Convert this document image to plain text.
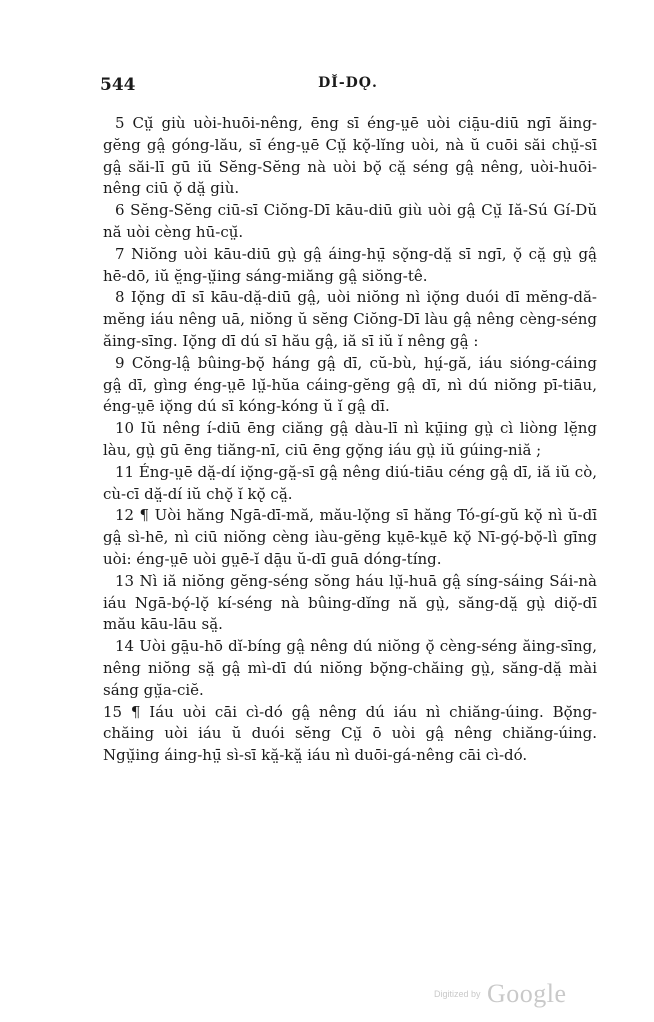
544	DĬ-DǪ.

5 Cṳ̆ giù uòi-huōi-nêng, ēng sī éng-ṳē uòi ciā̤u-diū ngī ăing-gĕng gâ̤ góng-lău, sī éng-ṳē Cṳ̆ kǫ̆-lĭng uòi, nà ŭ cuōi săi chṳ̆-sī gâ̤ săi-lī gū iŭ Sĕng-Sĕng nà uòi bǫ̆ că̤ séng gâ̤ nêng, uòi-huōi-nêng ciū ǫ̆ dă̤ giù.

6 Sĕng-Sĕng ciū-sī Ciŏng-Dī kāu-diū giù uòi gâ̤ Cṳ̆ Iă-Sú Gí-Dŭ nă uòi cèng hū-cṳ̆.

7 Niŏng uòi kāu-diū gṳ̀ gâ̤ áing-hṳ̄ sǫ̆ng-dă̤ sī ngī, ǫ̆ că̤ gṳ̀ gâ̤ hē-dō, iŭ ĕ̤ng-ṳ̆ing sáng-miăng gâ̤ siŏng-tê.

8 Iǫ̆ng dī sī kāu-dă̤-diū gâ̤, uòi niŏng nì iǫ̆ng duói dī mĕng-dă-mĕng iáu nêng uā, niŏng ŭ sĕng Ciŏng-Dī làu gâ̤ nêng cèng-séng ăing-sīng. Iǫ̆ng dī dú sī hău gâ̤, iă sī iŭ ĭ nêng gâ̤ :

9 Cŏng-lâ̤ bûing-bǫ̆ háng gâ̤ dī, cŭ-bù, hṳ́-gă, iáu sióng-cáing gâ̤ dī, gìng éng-ṳē lṳ̆-hŭa cáing-gĕng gâ̤ dī, nì dú niŏng pī-tiāu, éng-ṳē iǫ̆ng dú sī kóng-kóng ŭ ĭ gâ̤ dī.

10 Iŭ nêng í-diū ēng ciăng gâ̤ dàu-lī nì kṳ̄ing gṳ̀ cì liòng lĕ̤ng làu, gṳ̀ gū ēng tiăng-nī, ciū ēng gǫ̆ng iáu gṳ̀ iŭ gúing-niă ;

11 Éng-ṳē dă̤-dí iǫ̆ng-gă̤-sī gâ̤ nêng diú-tiāu céng gâ̤ dī, iă iŭ cò, cù-cī dă̤-dí iŭ chǫ̆ ĭ kǫ̆ că̤.

12 ¶ Uòi hăng Ngā-dī-mă, mău-lǫ̆ng sī hăng Tó-gí-gŭ kǫ̆ nì ŭ-dī gâ̤ sì-hē, nì ciū niŏng cèng iàu-gĕng kṳē-kṳē kǫ̆ Nī-gǫ́-bǫ̆-lì gīng uòi: éng-ṳē uòi gṳē-ĭ dā̤u ŭ-dī guā dóng-tíng.

13 Nì iă niŏng gĕng-séng sŏng háu lṳ̆-huā gâ̤ síng-sáing Sái-nà iáu Ngā-bǫ́-lǫ̆ kí-séng nà bûing-dĭng nă gṳ̀, săng-dă̤ gṳ̀ diǫ̆-dī mău kāu-lāu să̤.

14 Uòi gā̤u-hō dĭ-bíng gâ̤ nêng dú niŏng ǫ̆ cèng-séng ăing-sīng, nêng niŏng să̤ gâ̤ mì-dī dú niŏng bǫ̆ng-chăing gṳ̀, săng-dă̤ mài sáng gṳ̆a-ciĕ.

15 ¶ Iáu uòi cāi cì-dó gâ̤ nêng dú iáu nì chiăng-úing. Bǫ̆ng-chăing uòi iáu ŭ duói sĕng Cṳ̆ ō uòi gâ̤ nêng chiăng-úing. Ngṳ̆ing áing-hṳ̄ sì-sī kă̤-kă̤ iáu nì duōi-gá-nêng cāi cì-dó.

Digitized by Google
